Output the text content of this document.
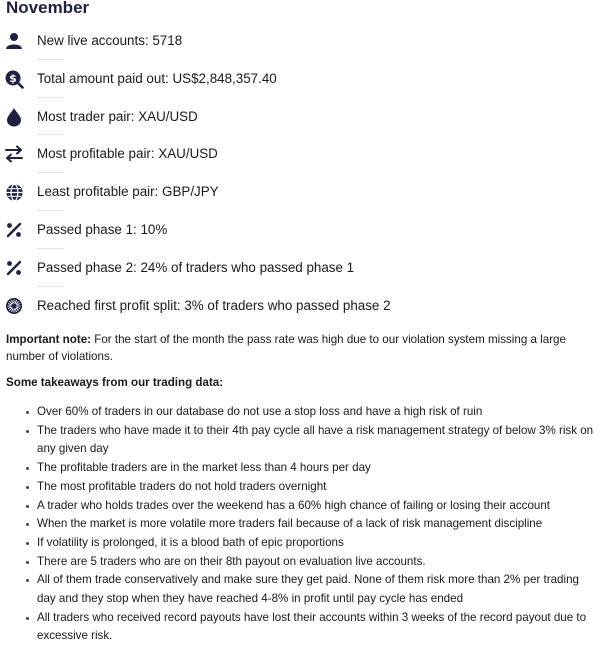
November
New live accounts: 5718
$ Total amount paid out: US$2,848,357.40
Most trader pair: XAU/USD
Most profitable pair: XAU/USD
Least profitable pair: GBP/JPY
Passed phase 1: 10%
Passed phase 2: 24% of traders who passed phase 1
Reached first profit split: 3% of traders who passed phase 2

Important note: For the start of the month the pass rate was high due to our violation system missing a large number of violations.

Some takeaways from our trading data:
Over 60% of traders in our database do not use a stop loss and have a high risk of ruin
The traders who have made it to their 4th pay cycle all have a risk management strategy of below 3% risk on any given day
The profitable traders are in the market less than 4 hours per day
The most profitable traders do not hold traders overnight
A trader who holds trades over the weekend has a 60% high chance of failing or losing their account
When the market is more volatile more traders fail because of a lack of risk management discipline
If volatility is prolonged, it is a blood bath of epic proportions
There are 5 traders who are on their 8th payout on evaluation live accounts.
All of them trade conservatively and make sure they get paid. None of them risk more than 2% per trading day and they stop when they have reached 4-8% in profit until pay cycle has ended
All traders who received record payouts have lost their accounts within 3 weeks of the record payout due to excessive risk.
